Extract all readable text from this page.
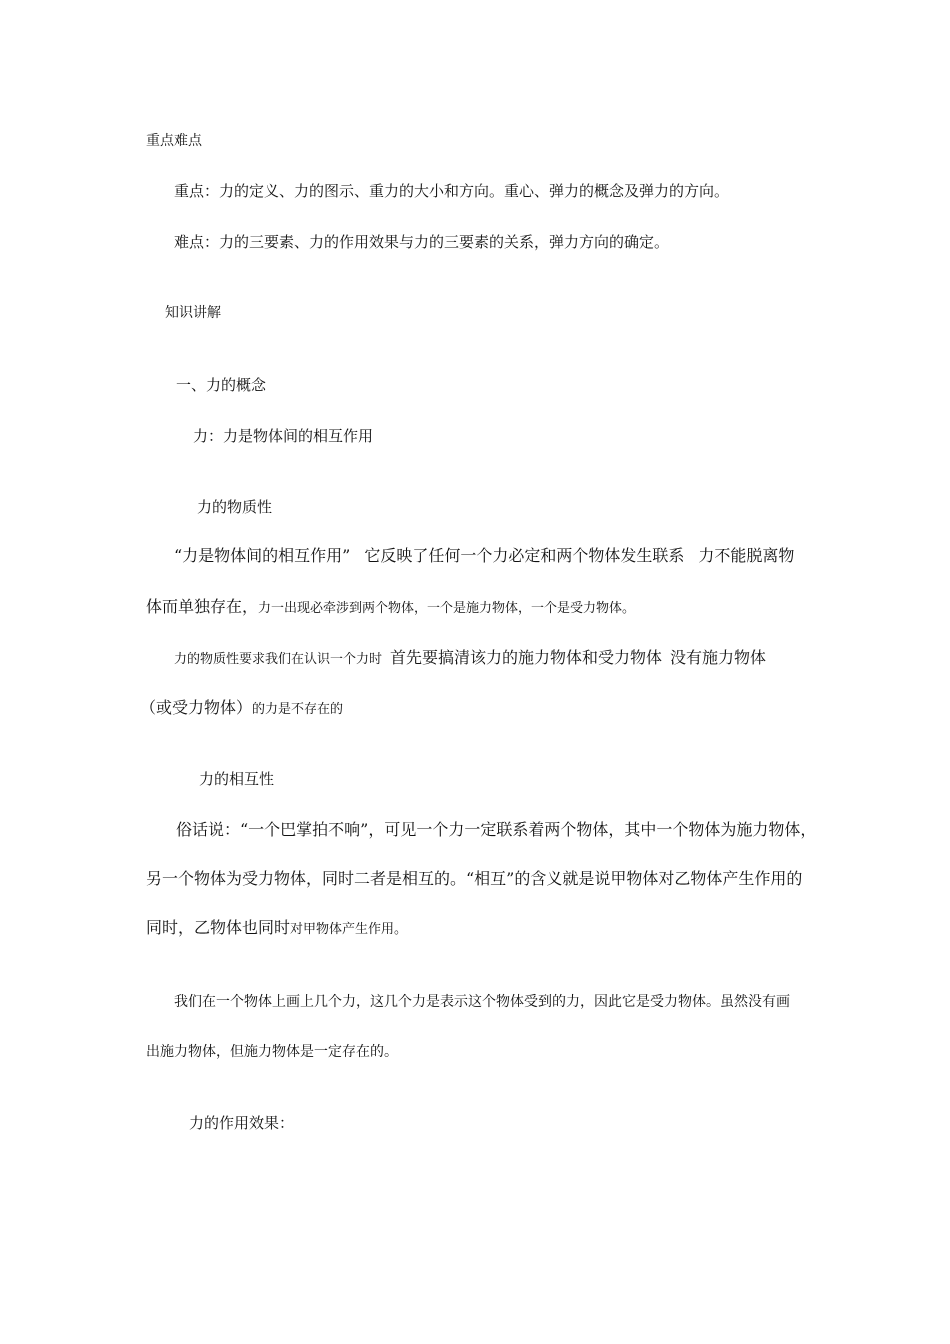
重点难点
重点：力的定义、力的图示、重力的大小和方向。重心、弹力的概念及弹力的方向。
难点：力的三要素、力的作用效果与力的三要素的关系，弹力方向的确定。
知识讲解
一、力的概念
力：力是物体间的相互作用
力的物质性
“力是物体间的相互作用” 它反映了任何一个力必定和两个物体发生联系 力不能脱离物
体而单独存在，力一出现必牵涉到两个物体，一个是施力物体，一个是受力物体。
力的物质性要求我们在认识一个力时 首先要搞清该力的施力物体和受力物体 没有施力物体
（或受力物体）的力是不存在的
力的相互性
俗话说：“一个巴掌拍不响”，可见一个力一定联系着两个物体，其中一个物体为施力物体，
另一个物体为受力物体，同时二者是相互的。“相互”的含义就是说甲物体对乙物体产生作用的
同时，乙物体也同时对甲物体产生作用。
我们在一个物体上画上几个力，这几个力是表示这个物体受到的力，因此它是受力物体。虽然没有画
出施力物体，但施力物体是一定存在的。
力的作用效果：
